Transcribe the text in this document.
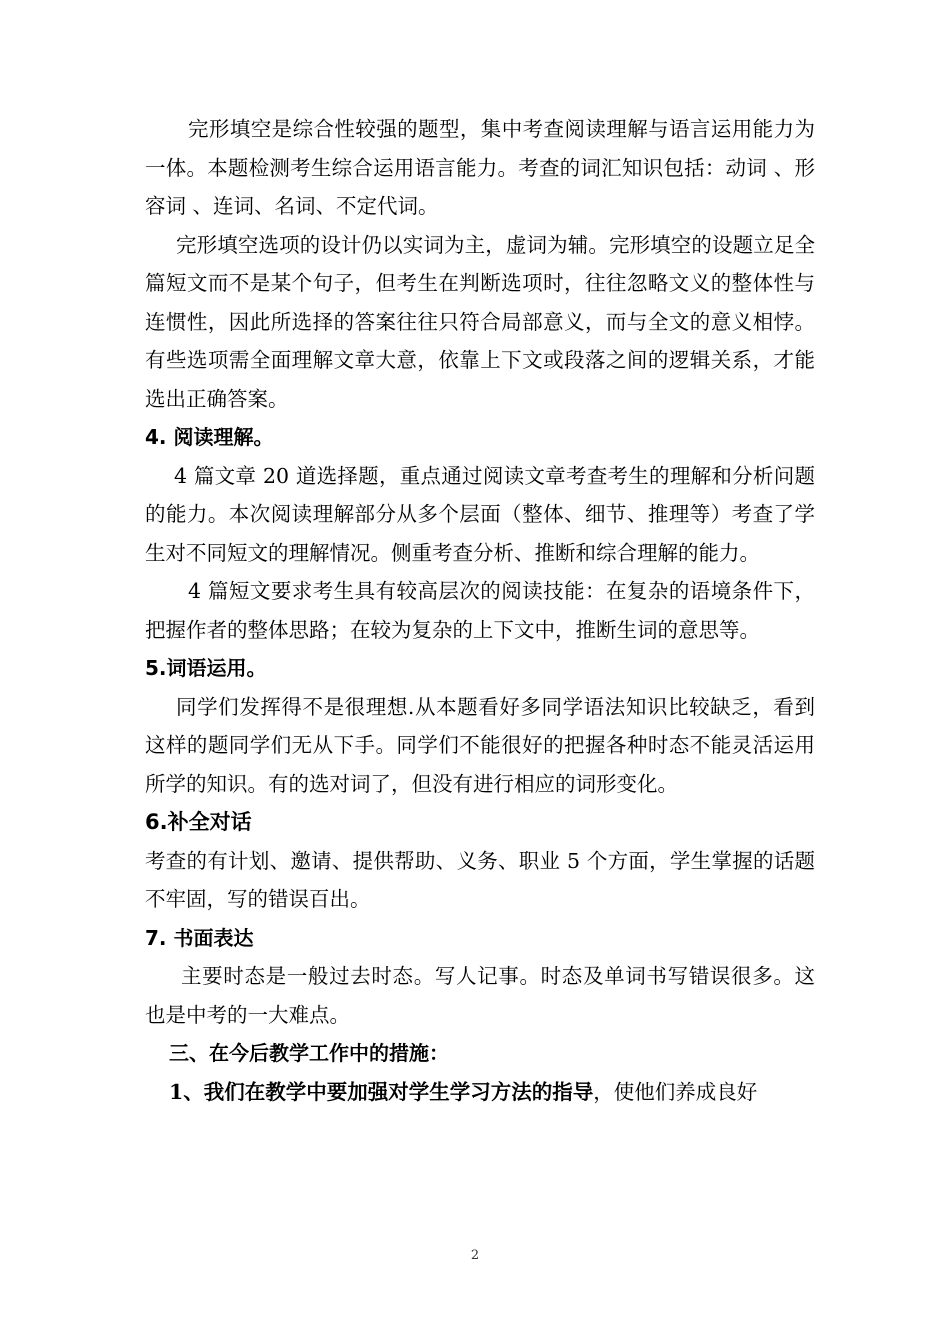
完形填空是综合性较强的题型，集中考查阅读理解与语言运用能力为一体。本题检测考生综合运用语言能力。考查的词汇知识包括：动词 、形容词 、连词、名词、不定代词。

完形填空选项的设计仍以实词为主，虚词为辅。完形填空的设题立足全篇短文而不是某个句子，但考生在判断选项时，往往忽略文义的整体性与连惯性，因此所选择的答案往往只符合局部意义，而与全文的意义相悖。有些选项需全面理解文章大意，依靠上下文或段落之间的逻辑关系，才能选出正确答案。

4. 阅读理解。

4 篇文章 20 道选择题，重点通过阅读文章考查考生的理解和分析问题的能力。本次阅读理解部分从多个层面（整体、细节、推理等）考查了学生对不同短文的理解情况。侧重考查分析、推断和综合理解的能力。

4 篇短文要求考生具有较高层次的阅读技能：在复杂的语境条件下，把握作者的整体思路；在较为复杂的上下文中，推断生词的意思等。

5.词语运用。

同学们发挥得不是很理想.从本题看好多同学语法知识比较缺乏，看到这样的题同学们无从下手。同学们不能很好的把握各种时态不能灵活运用所学的知识。有的选对词了，但没有进行相应的词形变化。

6.补全对话

考查的有计划、邀请、提供帮助、义务、职业 5 个方面，学生掌握的话题不牢固，写的错误百出。

7. 书面表达

主要时态是一般过去时态。写人记事。时态及单词书写错误很多。这也是中考的一大难点。

三、在今后教学工作中的措施：

1、我们在教学中要加强对学生学习方法的指导，使他们养成良好

2
